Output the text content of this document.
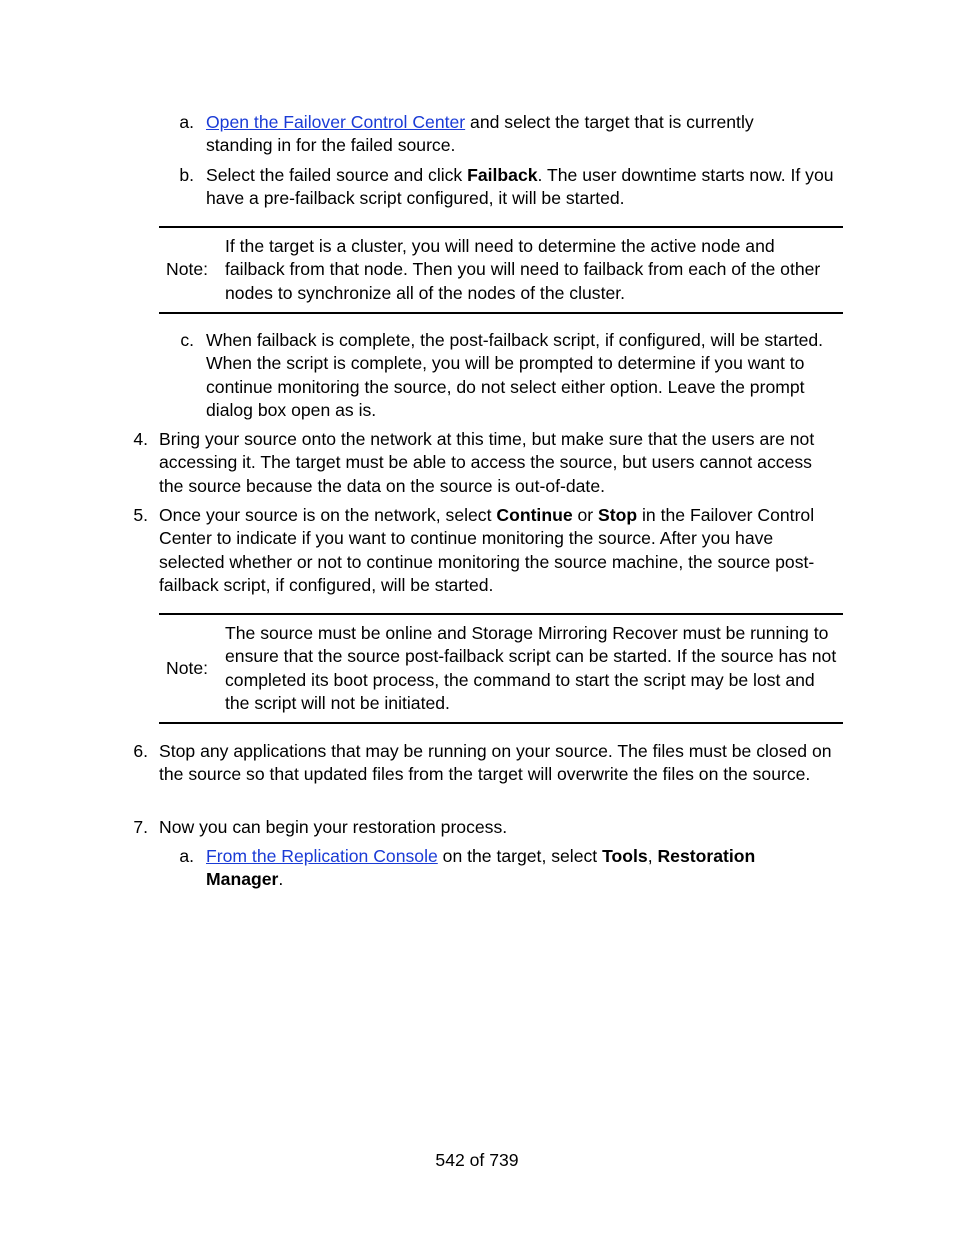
a. Open the Failover Control Center and select the target that is currently standing in for the failed source.
b. Select the failed source and click Failback. The user downtime starts now. If you have a pre-failback script configured, it will be started.
Note:
If the target is a cluster, you will need to determine the active node and failback from that node. Then you will need to failback from each of the other nodes to synchronize all of the nodes of the cluster.
c. When failback is complete, the post-failback script, if configured, will be started. When the script is complete, you will be prompted to determine if you want to continue monitoring the source, do not select either option. Leave the prompt dialog box open as is.
4. Bring your source onto the network at this time, but make sure that the users are not accessing it. The target must be able to access the source, but users cannot access the source because the data on the source is out-of-date.
5. Once your source is on the network, select Continue or Stop in the Failover Control Center to indicate if you want to continue monitoring the source. After you have selected whether or not to continue monitoring the source machine, the source post-failback script, if configured, will be started.
Note:
The source must be online and Storage Mirroring Recover must be running to ensure that the source post-failback script can be started. If the source has not completed its boot process, the command to start the script may be lost and the script will not be initiated.
6. Stop any applications that may be running on your source. The files must be closed on the source so that updated files from the target will overwrite the files on the source.
7. Now you can begin your restoration process.
a. From the Replication Console on the target, select Tools, Restoration Manager.
542 of 739
